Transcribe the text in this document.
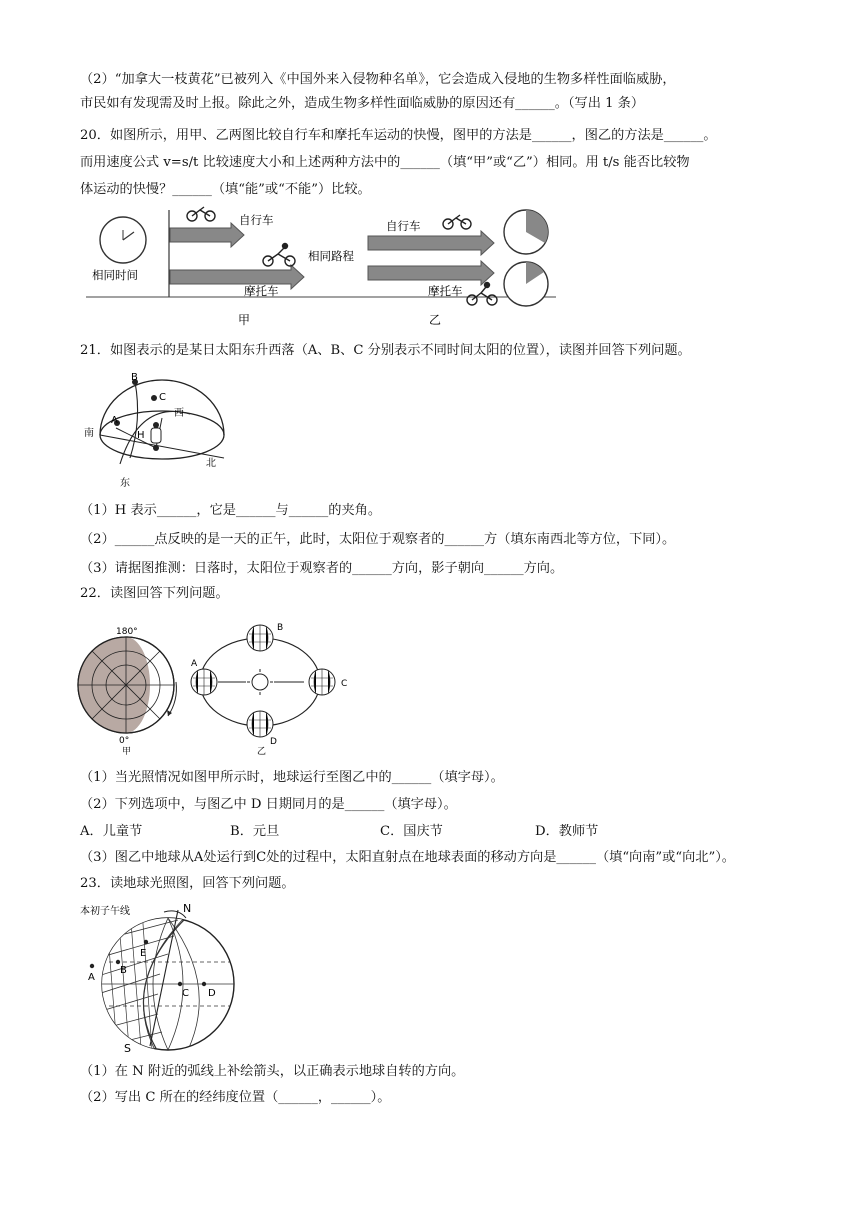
（2）“加拿大一枝黄花”已被列入《中国外来入侵物种名单》，它会造成入侵地的生物多样性面临威胁，
市民如有发现需及时上报。除此之外，造成生物多样性面临威胁的原因还有______。（写出 1 条）
20．如图所示，用甲、乙两图比较自行车和摩托车运动的快慢，图甲的方法是______，图乙的方法是______。
而用速度公式 v=s/t 比较速度大小和上述两种方法中的______（填“甲”或“乙”）相同。用 t/s 能否比较物
体运动的快慢？______（填“能”或“不能”）比较。
相同时间
自行车
摩托车
相同路程
自行车
摩托车
甲	乙
21．如图表示的是某日太阳东升西落（A、B、C 分别表示不同时间太阳的位置），读图并回答下列问题。
B
C
A
H
西
南
北
东
（1）H 表示______，它是______与______的夹角。
（2）______点反映的是一天的正午，此时，太阳位于观察者的______方（填东南西北等方位，下同）。
（3）请据图推测：日落时，太阳位于观察者的______方向，影子朝向______方向。
22．读图回答下列问题。
180°
0°
甲
B
A
C
D
乙
（1）当光照情况如图甲所示时，地球运行至图乙中的______（填字母）。
（2）下列选项中，与图乙中 D 日期同月的是______（填字母）。
A．儿童节	B．元旦	C．国庆节	D．教师节
（3）图乙中地球从A处运行到C处的过程中，太阳直射点在地球表面的移动方向是______（填“向南”或“向北”）。
23．读地球光照图，回答下列问题。
本初子午线	N
E
A
B
C D
S
（1）在 N 附近的弧线上补绘箭头，以正确表示地球自转的方向。
（2）写出 C 所在的经纬度位置（______，______）。
